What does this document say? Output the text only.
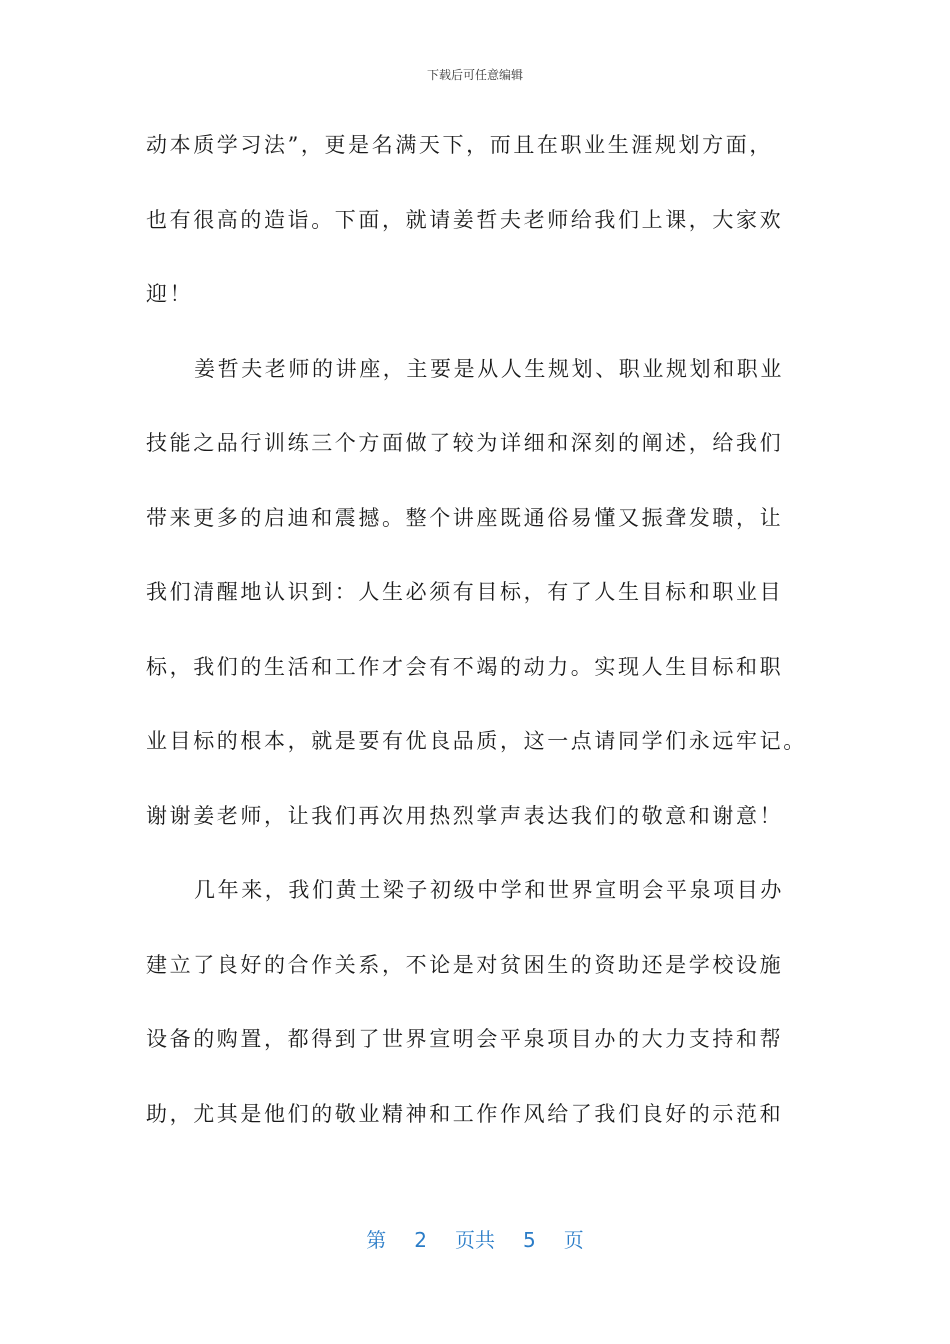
下载后可任意编辑
动本质学习法”，更是名满天下，而且在职业生涯规划方面，
也有很高的造诣。下面，就请姜哲夫老师给我们上课，大家欢
迎！
姜哲夫老师的讲座，主要是从人生规划、职业规划和职业
技能之品行训练三个方面做了较为详细和深刻的阐述，给我们
带来更多的启迪和震撼。整个讲座既通俗易懂又振聋发聩，让
我们清醒地认识到：人生必须有目标，有了人生目标和职业目
标，我们的生活和工作才会有不竭的动力。实现人生目标和职
业目标的根本，就是要有优良品质，这一点请同学们永远牢记。
谢谢姜老师，让我们再次用热烈掌声表达我们的敬意和谢意！
几年来，我们黄土梁子初级中学和世界宣明会平泉项目办
建立了良好的合作关系，不论是对贫困生的资助还是学校设施
设备的购置，都得到了世界宣明会平泉项目办的大力支持和帮
助，尤其是他们的敬业精神和工作作风给了我们良好的示范和
第 2 页共 5 页
